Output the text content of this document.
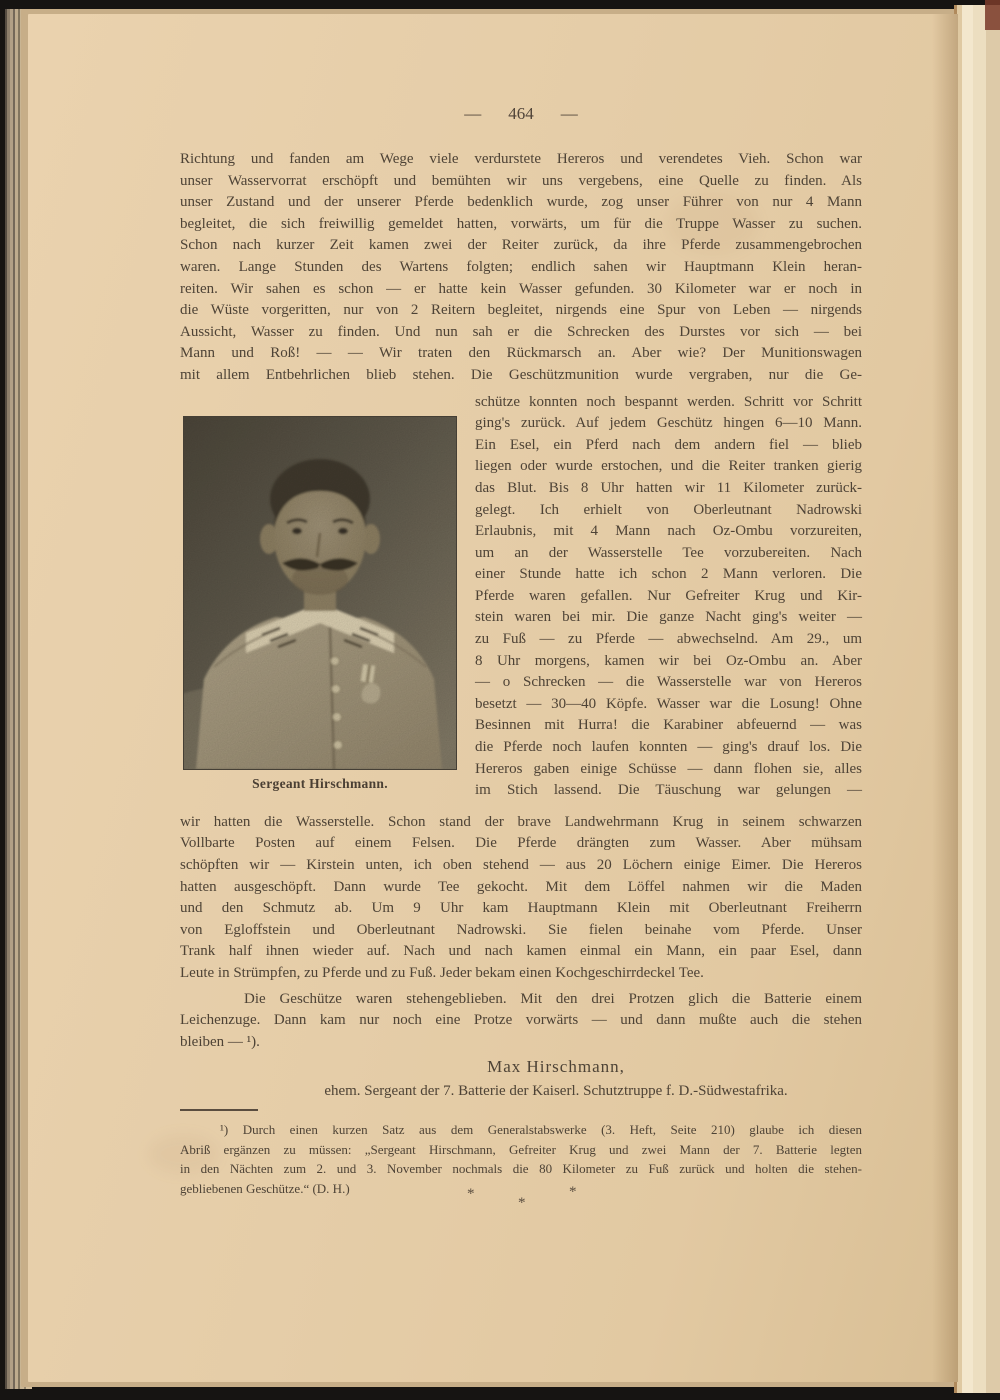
— 464 —
Richtung und fanden am Wege viele verdurstete Hereros und verendetes Vieh. Schon war
unser Wasservorrat erschöpft und bemühten wir uns vergebens, eine Quelle zu finden. Als
unser Zustand und der unserer Pferde bedenklich wurde, zog unser Führer von nur 4 Mann
begleitet, die sich freiwillig gemeldet hatten, vorwärts, um für die Truppe Wasser zu suchen.
Schon nach kurzer Zeit kamen zwei der Reiter zurück, da ihre Pferde zusammengebrochen
waren. Lange Stunden des Wartens folgten; endlich sahen wir Hauptmann Klein heran-
reiten. Wir sahen es schon — er hatte kein Wasser gefunden. 30 Kilometer war er noch in
die Wüste vorgeritten, nur von 2 Reitern begleitet, nirgends eine Spur von Leben — nirgends
Aussicht, Wasser zu finden. Und nun sah er die Schrecken des Durstes vor sich — bei
Mann und Roß! — — Wir traten den Rückmarsch an. Aber wie? Der Munitionswagen
mit allem Entbehrlichen blieb stehen. Die Geschützmunition wurde vergraben, nur die Ge-
Sergeant Hirschmann.
schütze konnten noch bespannt werden. Schritt vor Schritt
ging's zurück. Auf jedem Geschütz hingen 6—10 Mann.
Ein Esel, ein Pferd nach dem andern fiel — blieb
liegen oder wurde erstochen, und die Reiter tranken gierig
das Blut. Bis 8 Uhr hatten wir 11 Kilometer zurück-
gelegt. Ich erhielt von Oberleutnant Nadrowski
Erlaubnis, mit 4 Mann nach Oz-Ombu vorzureiten,
um an der Wasserstelle Tee vorzubereiten. Nach
einer Stunde hatte ich schon 2 Mann verloren. Die
Pferde waren gefallen. Nur Gefreiter Krug und Kir-
stein waren bei mir. Die ganze Nacht ging's weiter —
zu Fuß — zu Pferde — abwechselnd. Am 29., um
8 Uhr morgens, kamen wir bei Oz-Ombu an. Aber
— o Schrecken — die Wasserstelle war von Hereros
besetzt — 30—40 Köpfe. Wasser war die Losung! Ohne
Besinnen mit Hurra! die Karabiner abfeuernd — was
die Pferde noch laufen konnten — ging's drauf los. Die
Hereros gaben einige Schüsse — dann flohen sie, alles
im Stich lassend. Die Täuschung war gelungen —
wir hatten die Wasserstelle. Schon stand der brave Landwehrmann Krug in seinem schwarzen
Vollbarte Posten auf einem Felsen. Die Pferde drängten zum Wasser. Aber mühsam
schöpften wir — Kirstein unten, ich oben stehend — aus 20 Löchern einige Eimer. Die Hereros
hatten ausgeschöpft. Dann wurde Tee gekocht. Mit dem Löffel nahmen wir die Maden
und den Schmutz ab. Um 9 Uhr kam Hauptmann Klein mit Oberleutnant Freiherrn
von Egloffstein und Oberleutnant Nadrowski. Sie fielen beinahe vom Pferde. Unser
Trank half ihnen wieder auf. Nach und nach kamen einmal ein Mann, ein paar Esel, dann
Leute in Strümpfen, zu Pferde und zu Fuß. Jeder bekam einen Kochgeschirrdeckel Tee.
Die Geschütze waren stehengeblieben. Mit den drei Protzen glich die Batterie einem
Leichenzuge. Dann kam nur noch eine Protze vorwärts — und dann mußte auch die stehen
bleiben — ¹).
Max Hirschmann,
ehem. Sergeant der 7. Batterie der Kaiserl. Schutztruppe f. D.-Südwestafrika.
¹) Durch einen kurzen Satz aus dem Generalstabswerke (3. Heft, Seite 210) glaube ich diesen
Abriß ergänzen zu müssen: „Sergeant Hirschmann, Gefreiter Krug und zwei Mann der 7. Batterie legten
in den Nächten zum 2. und 3. November nochmals die 80 Kilometer zu Fuß zurück und holten die stehen-
gebliebenen Geschütze.“ (D. H.)	*	*
*
